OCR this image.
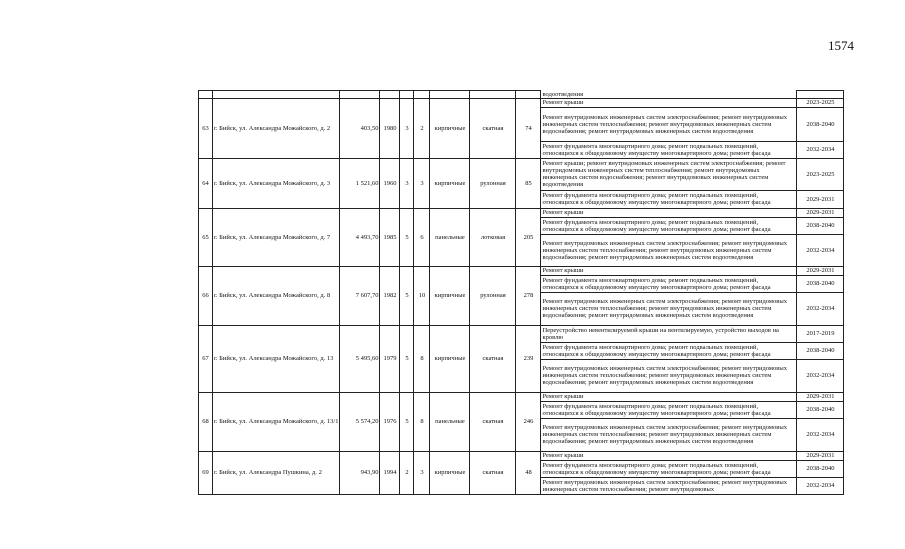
1574
									водоотведения	
63	г. Бийск, ул. Александра Можайского, д. 2	403,50	1980	3	2	кирпичные	скатная	74	Ремонт крыши	2023-2025
									Ремонт внутридомовых инженерных систем электроснабжения; ремонт внутридомовых инженерных систем теплоснабжения; ремонт внутридомовых инженерных систем водоснабжения; ремонт внутридомовых инженерных систем водоотведения	2038-2040
									Ремонт фундамента многоквартирного дома; ремонт подвальных помещений, относящихся к общедомовому имуществу многоквартирного дома; ремонт фасада	2032-2034
64	г. Бийск, ул. Александра Можайского, д. 3	1 521,60	1960	3	3	кирпичные	рулонная	85	Ремонт крыши; ремонт внутридомовых инженерных систем электроснабжения; ремонт внутридомовых инженерных систем теплоснабжения; ремонт внутридомовых инженерных систем водоснабжения; ремонт внутридомовых инженерных систем водоотведения	2023-2025
									Ремонт фундамента многоквартирного дома; ремонт подвальных помещений, относящихся к общедомовому имуществу многоквартирного дома; ремонт фасада	2029-2031
65	г. Бийск, ул. Александра Можайского, д. 7	4 493,70	1985	5	6	панельные	лотковая	205	Ремонт крыши	2029-2031
									Ремонт фундамента многоквартирного дома; ремонт подвальных помещений, относящихся к общедомовому имуществу многоквартирного дома; ремонт фасада	2038-2040
									Ремонт внутридомовых инженерных систем электроснабжения; ремонт внутридомовых инженерных систем теплоснабжения; ремонт внутридомовых инженерных систем водоснабжения; ремонт внутридомовых инженерных систем водоотведения	2032-2034
66	г. Бийск, ул. Александра Можайского, д. 8	7 607,70	1982	5	10	кирпичные	рулонная	278	Ремонт крыши	2029-2031
									Ремонт фундамента многоквартирного дома; ремонт подвальных помещений, относящихся к общедомовому имуществу многоквартирного дома; ремонт фасада	2038-2040
									Ремонт внутридомовых инженерных систем электроснабжения; ремонт внутридомовых инженерных систем теплоснабжения; ремонт внутридомовых инженерных систем водоснабжения; ремонт внутридомовых инженерных систем водоотведения	2032-2034
67	г. Бийск, ул. Александра Можайского, д. 13	5 495,60	1979	5	8	кирпичные	скатная	239	Переустройство невентилируемой крыши на вентилируемую, устройство выходов на кровлю	2017-2019
									Ремонт фундамента многоквартирного дома; ремонт подвальных помещений, относящихся к общедомовому имуществу многоквартирного дома; ремонт фасада	2038-2040
									Ремонт внутридомовых инженерных систем электроснабжения; ремонт внутридомовых инженерных систем теплоснабжения; ремонт внутридомовых инженерных систем водоснабжения; ремонт внутридомовых инженерных систем водоотведения	2032-2034
68	г. Бийск, ул. Александра Можайского, д. 13/1	5 574,20	1976	5	8	панельные	скатная	246	Ремонт крыши	2029-2031
									Ремонт фундамента многоквартирного дома; ремонт подвальных помещений, относящихся к общедомовому имуществу многоквартирного дома; ремонт фасада	2038-2040
									Ремонт внутридомовых инженерных систем электроснабжения; ремонт внутридомовых инженерных систем теплоснабжения; ремонт внутридомовых инженерных систем водоснабжения; ремонт внутридомовых инженерных систем водоотведения	2032-2034
69	г. Бийск, ул. Александра Пушкина, д. 2	943,90	1994	2	3	кирпичные	скатная	48	Ремонт крыши	2029-2031
									Ремонт фундамента многоквартирного дома; ремонт подвальных помещений, относящихся к общедомовому имуществу многоквартирного дома; ремонт фасада	2038-2040
									Ремонт внутридомовых инженерных систем электроснабжения; ремонт внутридомовых инженерных систем теплоснабжения; ремонт внутридомовых	2032-2034
